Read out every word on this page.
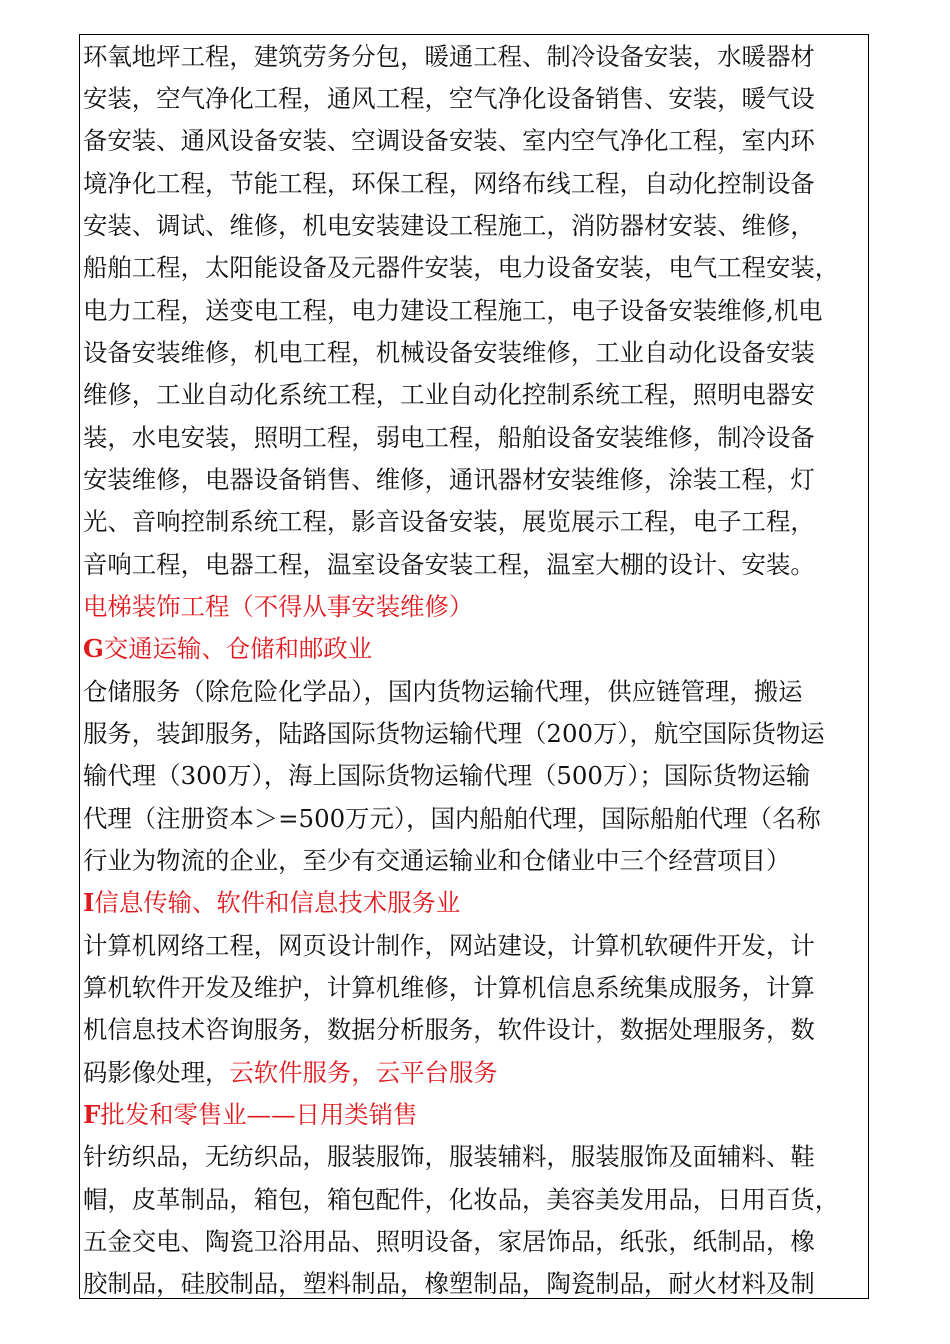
环氧地坪工程，建筑劳务分包，暖通工程、制冷设备安装，水暖器材
安装，空气净化工程，通风工程，空气净化设备销售、安装，暖气设
备安装、通风设备安装、空调设备安装、室内空气净化工程，室内环
境净化工程，节能工程，环保工程，网络布线工程，自动化控制设备
安装、调试、维修，机电安装建设工程施工，消防器材安装、维修，
船舶工程，太阳能设备及元器件安装，电力设备安装，电气工程安装，
电力工程，送变电工程，电力建设工程施工，电子设备安装维修,机电
设备安装维修，机电工程，机械设备安装维修，工业自动化设备安装
维修，工业自动化系统工程，工业自动化控制系统工程，照明电器安
装，水电安装，照明工程，弱电工程，船舶设备安装维修，制冷设备
安装维修，电器设备销售、维修，通讯器材安装维修，涂装工程，灯
光、音响控制系统工程，影音设备安装，展览展示工程，电子工程，
音响工程，电器工程，温室设备安装工程，温室大棚的设计、安装。
电梯装饰工程（不得从事安装维修）
G交通运输、仓储和邮政业
仓储服务（除危险化学品），国内货物运输代理，供应链管理，搬运
服务，装卸服务，陆路国际货物运输代理（200万），航空国际货物运
输代理（300万），海上国际货物运输代理（500万）；国际货物运输
代理（注册资本＞=500万元），国内船舶代理，国际船舶代理（名称
行业为物流的企业，至少有交通运输业和仓储业中三个经营项目）
I信息传输、软件和信息技术服务业
计算机网络工程，网页设计制作，网站建设，计算机软硬件开发，计
算机软件开发及维护，计算机维修，计算机信息系统集成服务，计算
机信息技术咨询服务，数据分析服务，软件设计，数据处理服务，数
码影像处理，云软件服务，云平台服务
F批发和零售业——日用类销售
针纺织品，无纺织品，服装服饰，服装辅料，服装服饰及面辅料、鞋
帽，皮革制品，箱包，箱包配件，化妆品，美容美发用品，日用百货，
五金交电、陶瓷卫浴用品、照明设备，家居饰品，纸张，纸制品，橡
胶制品，硅胶制品，塑料制品，橡塑制品，陶瓷制品，耐火材料及制
